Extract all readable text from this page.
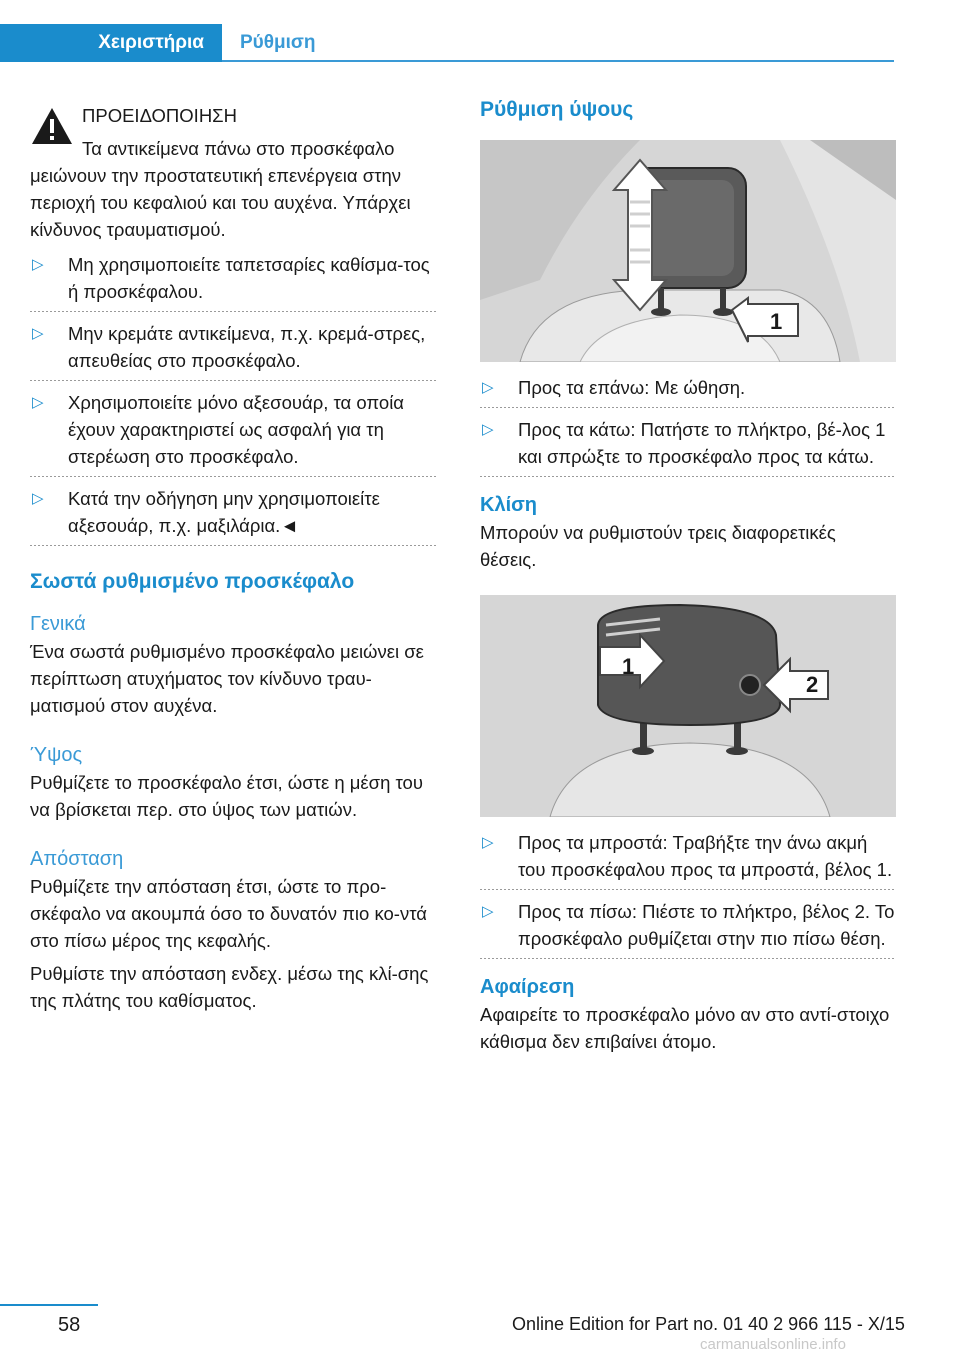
Χειριστήρια	Ρύθμιση

ΠΡΟΕΙΔΟΠΟΙΗΣΗ

Τα αντικείμενα πάνω στο προσκέφαλο μειώνουν την προστατευτική επενέργεια στην περιοχή του κεφαλιού και του αυχένα. Υπάρχει κίνδυνος τραυματισμού.

▷ Μη χρησιμοποιείτε ταπετσαρίες καθίσμα-τος ή προσκέφαλου.
▷ Μην κρεμάτε αντικείμενα, π.χ. κρεμά-στρες, απευθείας στο προσκέφαλο.
▷ Χρησιμοποιείτε μόνο αξεσουάρ, τα οποία έχουν χαρακτηριστεί ως ασφαλή για τη στερέωση στο προσκέφαλο.
▷ Κατά την οδήγηση μην χρησιμοποιείτε αξεσουάρ, π.χ. μαξιλάρια.◄
Σωστά ρυθμισμένο προσκέφαλο
Γενικά

Ένα σωστά ρυθμισμένο προσκέφαλο μειώνει σε περίπτωση ατυχήματος τον κίνδυνο τραυ-ματισμού στον αυχένα.

Ύψος

Ρυθμίζετε το προσκέφαλο έτσι, ώστε η μέση του να βρίσκεται περ. στο ύψος των ματιών.

Απόσταση

Ρυθμίζετε την απόσταση έτσι, ώστε το προ-σκέφαλο να ακουμπά όσο το δυνατόν πιο κο-ντά στο πίσω μέρος της κεφαλής.

Ρυθμίστε την απόσταση ενδεχ. μέσω της κλί-σης της πλάτης του καθίσματος.

Ρύθμιση ύψους
1
▷ Προς τα επάνω: Με ώθηση.
▷ Προς τα κάτω: Πατήστε το πλήκτρο, βέ-λος 1 και σπρώξτε το προσκέφαλο προς τα κάτω.
Κλίση

Μπορούν να ρυθμιστούν τρεις διαφορετικές θέσεις.

1
2
▷ Προς τα μπροστά: Τραβήξτε την άνω ακμή του προσκέφαλου προς τα μπροστά, βέλος 1.
▷ Προς τα πίσω: Πιέστε το πλήκτρο, βέλος 2. Το προσκέφαλο ρυθμίζεται στην πιο πίσω θέση.
Αφαίρεση

Αφαιρείτε το προσκέφαλο μόνο αν στο αντί-στοιχο κάθισμα δεν επιβαίνει άτομο.

58	Online Edition for Part no. 01 40 2 966 115 - X/15
carmanualsonline.info
